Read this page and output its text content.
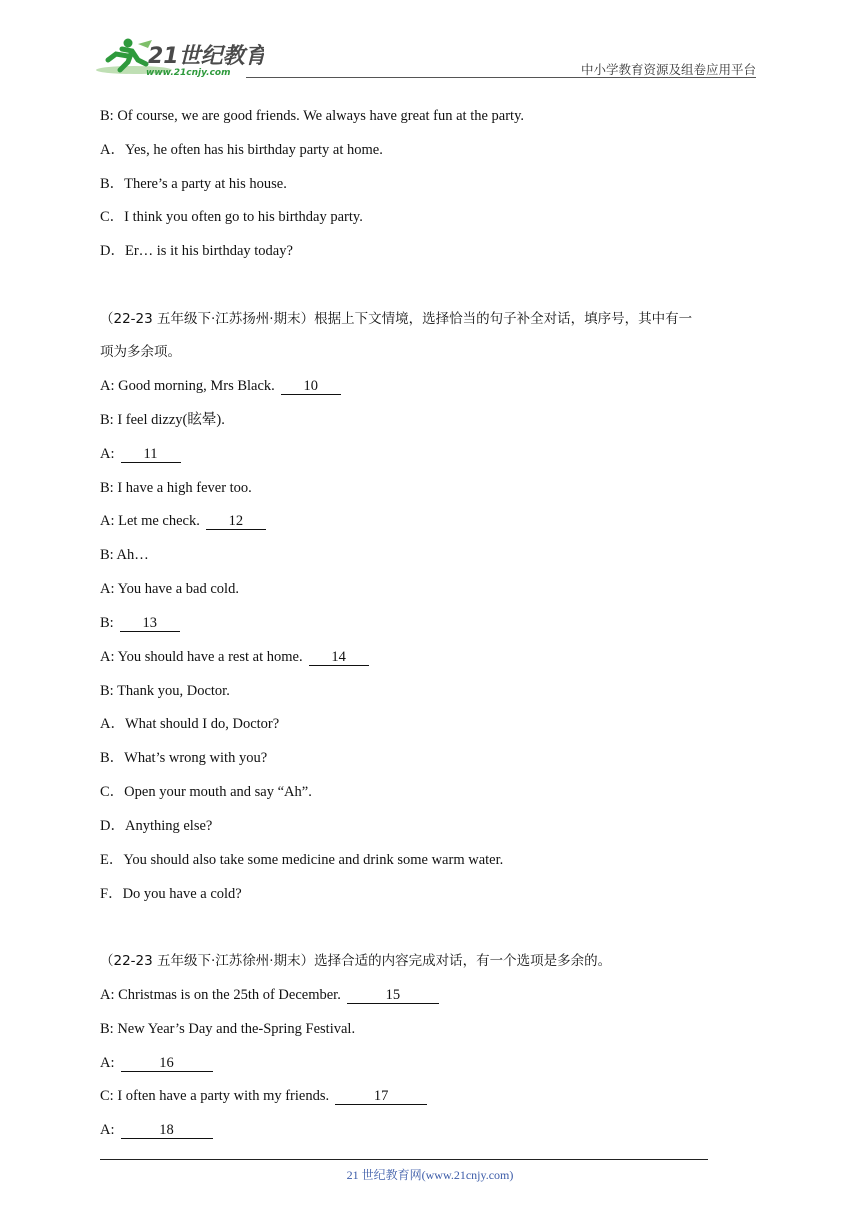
21世纪教育
www.21cnjy.com	中小学教育资源及组卷应用平台
B: Of course, we are good friends. We always have great fun at the party.
A．Yes, he often has his birthday party at home.
B．There’s a party at his house.
C．I think you often go to his birthday party.
D．Er… is it his birthday today?
（22-23 五年级下·江苏扬州·期末）根据上下文情境，选择恰当的句子补全对话，填序号，其中有一
项为多余项。
A: Good morning, Mrs Black. 10
B: I feel dizzy(眩晕).
A: 11
B: I have a high fever too.
A: Let me check. 12
B: Ah…
A: You have a bad cold.
B: 13
A: You should have a rest at home. 14
B: Thank you, Doctor.
A．What should I do, Doctor?
B．What’s wrong with you?
C．Open your mouth and say “Ah”.
D．Anything else?
E．You should also take some medicine and drink some warm water.
F．Do you have a cold?
（22-23 五年级下·江苏徐州·期末）选择合适的内容完成对话，有一个选项是多余的。
A: Christmas is on the 25th of December.	15
B: New Year’s Day and the-Spring Festival.
A:	16
C: I often have a party with my friends.	17
A:	18
21 世纪教育网(www.21cnjy.com)
